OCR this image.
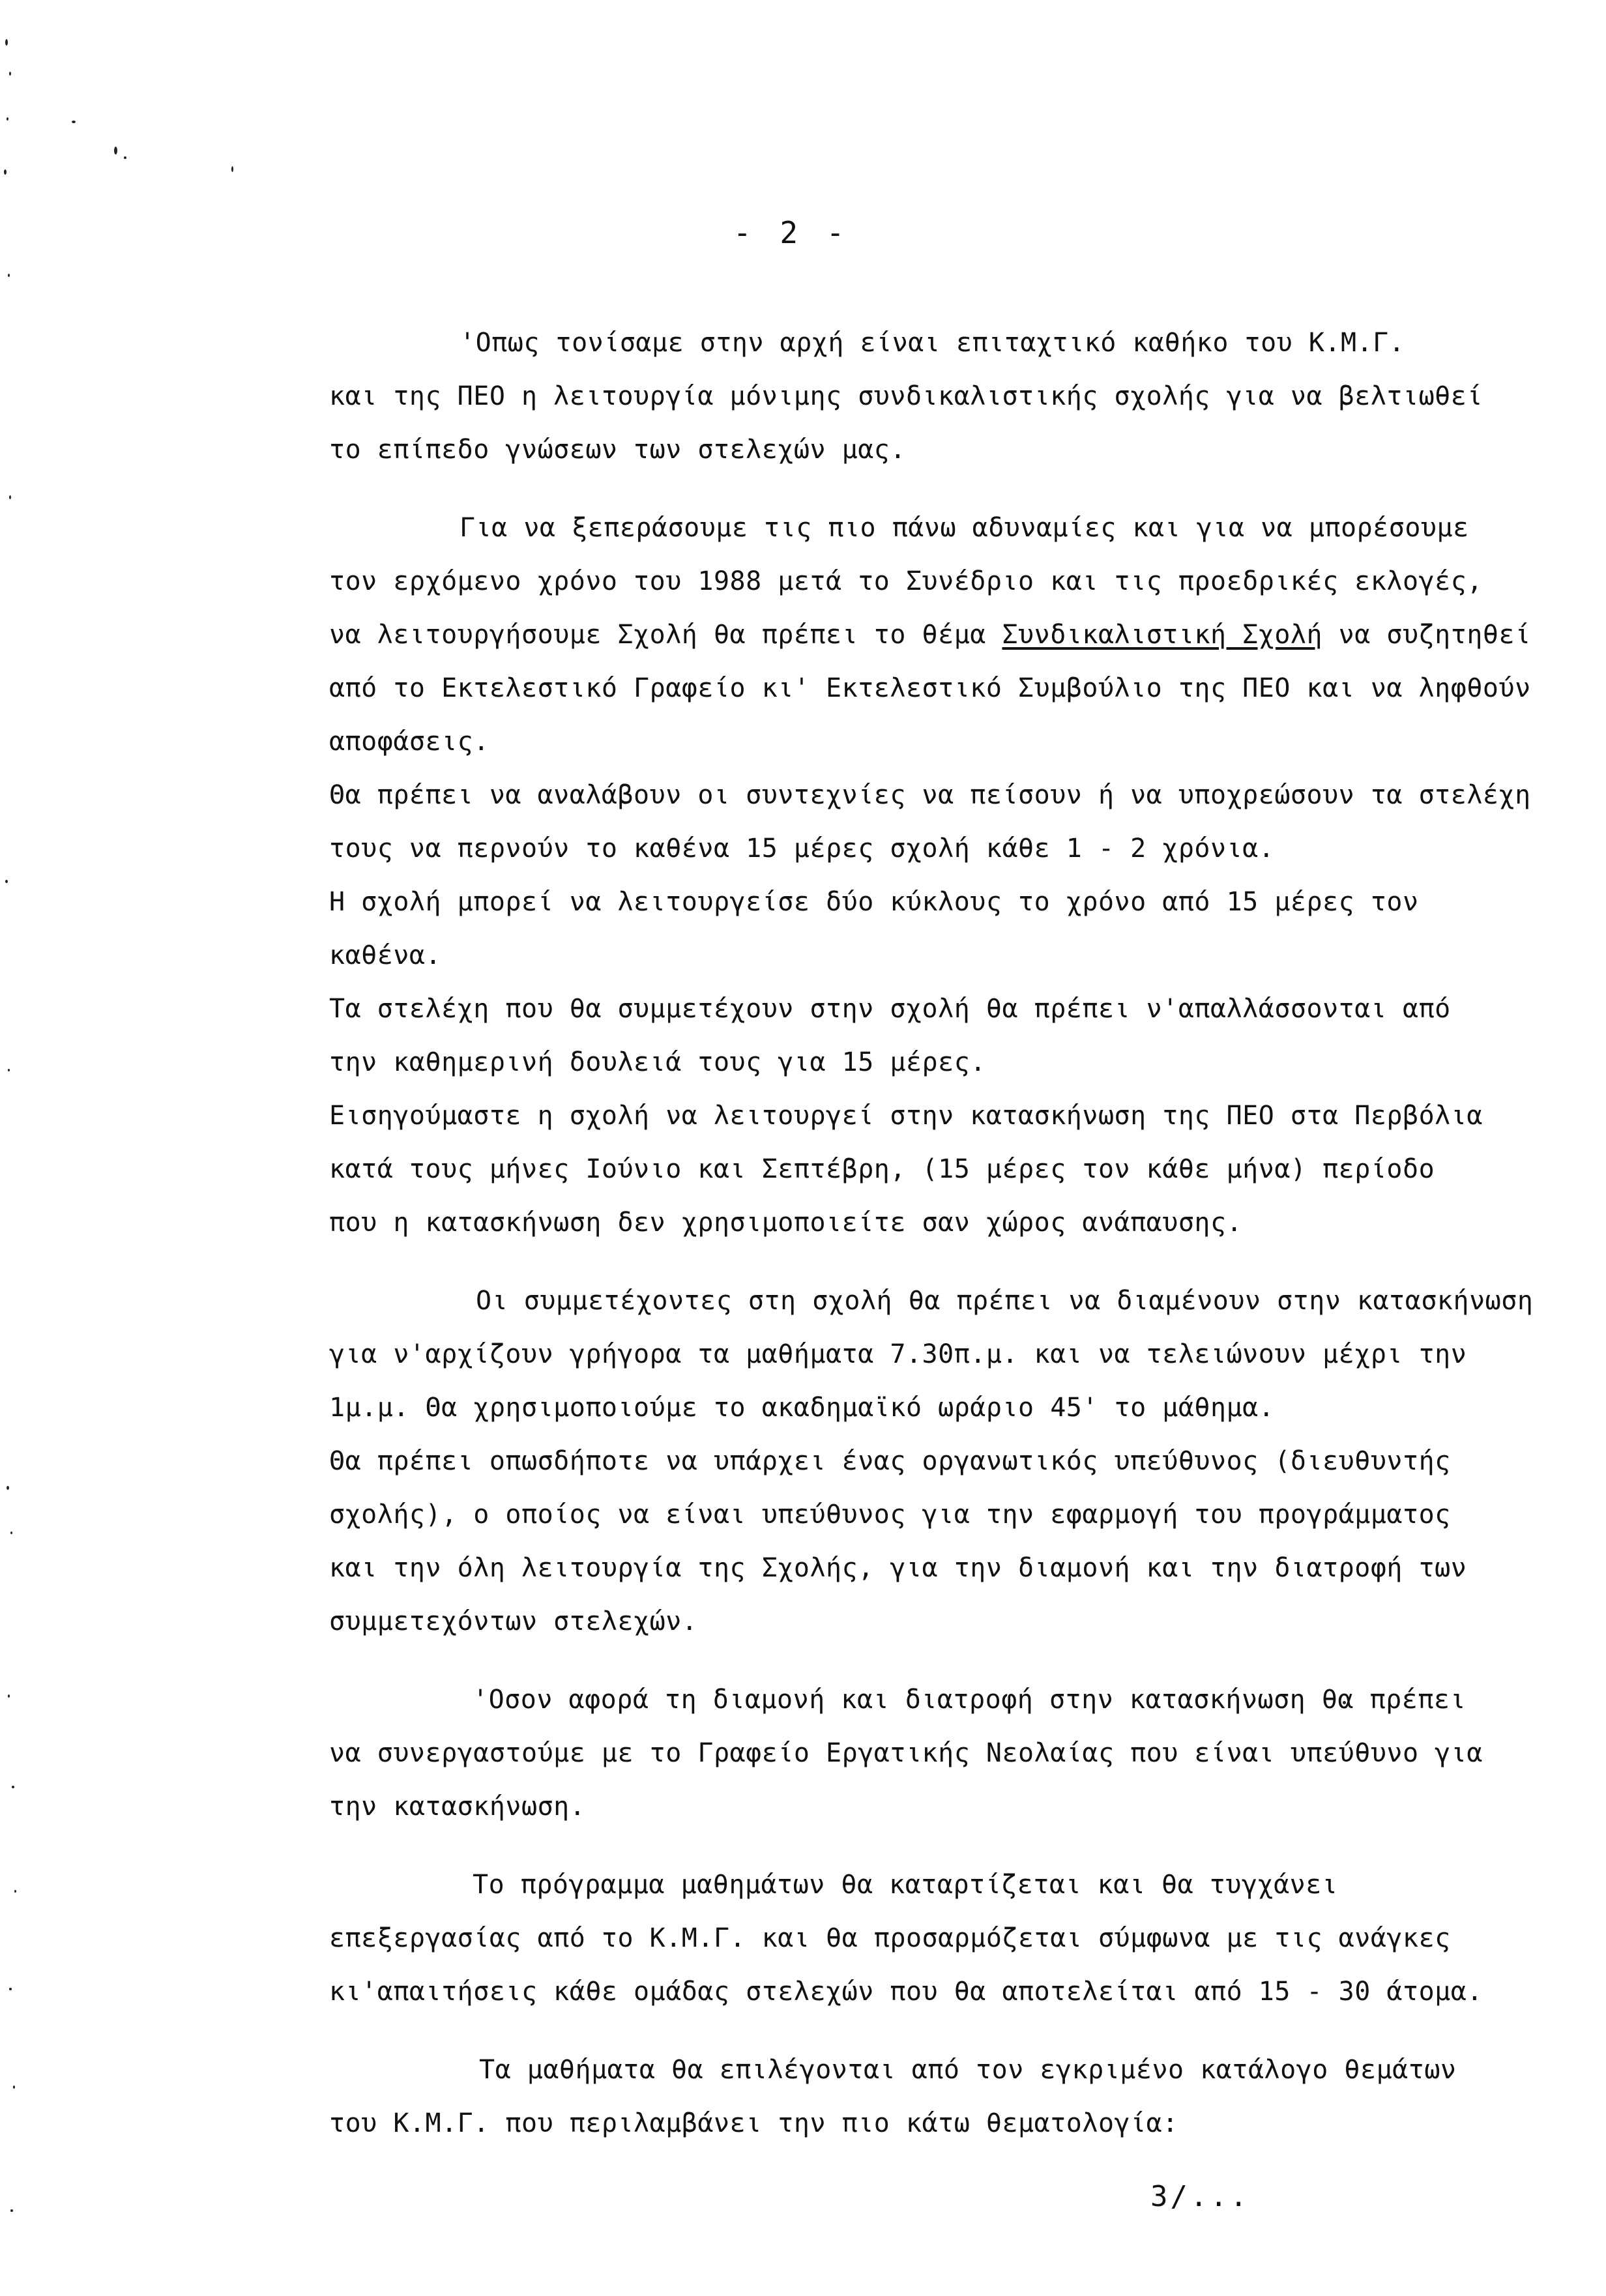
- 2 -
'Οπως τονίσαμε στην αρχή είναι επιταχτικό καθήκο του Κ.Μ.Γ.
και της ΠΕΟ η λειτουργία μόνιμης συνδικαλιστικής σχολής για να βελτιωθεί
το επίπεδο γνώσεων των στελεχών μας.
Για να ξεπεράσουμε τις πιο πάνω αδυναμίες και για να μπορέσουμε
τον ερχόμενο χρόνο του 1988 μετά το Συνέδριο και τις προεδρικές εκλογές,
να λειτουργήσουμε Σχολή θα πρέπει το θέμα Συνδικαλιστική Σχολή να συζητηθεί
από το Εκτελεστικό Γραφείο κι' Εκτελεστικό Συμβούλιο της ΠΕΟ και να ληφθούν
αποφάσεις.
Θα πρέπει να αναλάβουν οι συντεχνίες να πείσουν ή να υποχρεώσουν τα στελέχη
τους να περνούν το καθένα 15 μέρες σχολή κάθε 1 - 2 χρόνια.
Η σχολή μπορεί να λειτουργείσε δύο κύκλους το χρόνο από 15 μέρες τον
καθένα.
Τα στελέχη που θα συμμετέχουν στην σχολή θα πρέπει ν'απαλλάσσονται από
την καθημερινή δουλειά τους για 15 μέρες.
Εισηγούμαστε η σχολή να λειτουργεί στην κατασκήνωση της ΠΕΟ στα Περβόλια
κατά τους μήνες Ιούνιο και Σεπτέβρη, (15 μέρες τον κάθε μήνα) περίοδο
που η κατασκήνωση δεν χρησιμοποιείτε σαν χώρος ανάπαυσης.
Οι συμμετέχοντες στη σχολή θα πρέπει να διαμένουν στην κατασκήνωση
για ν'αρχίζουν γρήγορα τα μαθήματα 7.30π.μ. και να τελειώνουν μέχρι την
1μ.μ. Θα χρησιμοποιούμε το ακαδημαϊκό ωράριο 45' το μάθημα.
Θα πρέπει οπωσδήποτε να υπάρχει ένας οργανωτικός υπεύθυνος (διευθυντής
σχολής), ο οποίος να είναι υπεύθυνος για την εφαρμογή του προγράμματος
και την όλη λειτουργία της Σχολής, για την διαμονή και την διατροφή των
συμμετεχόντων στελεχών.
'Οσον αφορά τη διαμονή και διατροφή στην κατασκήνωση θα πρέπει
να συνεργαστούμε με το Γραφείο Εργατικής Νεολαίας που είναι υπεύθυνο για
την κατασκήνωση.
Το πρόγραμμα μαθημάτων θα καταρτίζεται και θα τυγχάνει
επεξεργασίας από το Κ.Μ.Γ. και θα προσαρμόζεται σύμφωνα με τις ανάγκες
κι'απαιτήσεις κάθε ομάδας στελεχών που θα αποτελείται από 15 - 30 άτομα.
Τα μαθήματα θα επιλέγονται από τον εγκριμένο κατάλογο θεμάτων
του Κ.Μ.Γ. που περιλαμβάνει την πιο κάτω θεματολογία:
3/...
